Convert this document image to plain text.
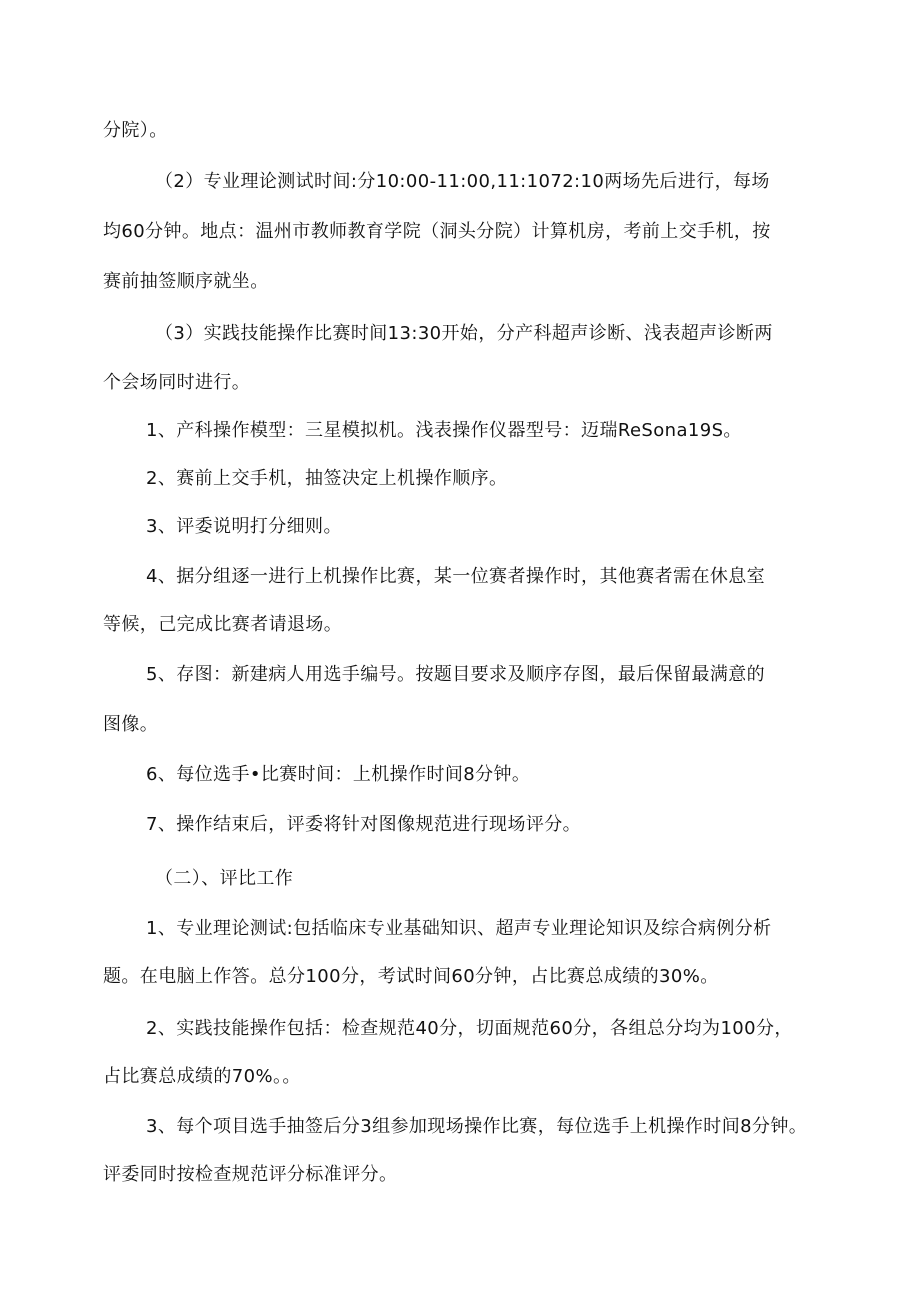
分院）。
（2）专业理论测试时间:分10:00-11:00,11:1072:10两场先后进行，每场
均60分钟。地点：温州市教师教育学院（洞头分院）计算机房，考前上交手机，按
赛前抽签顺序就坐。
（3）实践技能操作比赛时间13:30开始，分产科超声诊断、浅表超声诊断两
个会场同时进行。
1、产科操作模型：三星模拟机。浅表操作仪器型号：迈瑞ReSona19S。
2、赛前上交手机，抽签决定上机操作顺序。
3、评委说明打分细则。
4、据分组逐一进行上机操作比赛，某一位赛者操作时，其他赛者需在休息室
等候，己完成比赛者请退场。
5、存图：新建病人用选手编号。按题目要求及顺序存图，最后保留最满意的
图像。
6、每位选手•比赛时间：上机操作时间8分钟。
7、操作结束后，评委将针对图像规范进行现场评分。
（二）、评比工作
1、专业理论测试:包括临床专业基础知识、超声专业理论知识及综合病例分析
题。在电脑上作答。总分100分，考试时间60分钟，占比赛总成绩的30%。
2、实践技能操作包括：检查规范40分，切面规范60分，各组总分均为100分，
占比赛总成绩的70%。。
3、每个项目选手抽签后分3组参加现场操作比赛，每位选手上机操作时间8分钟。
评委同时按检查规范评分标准评分。
